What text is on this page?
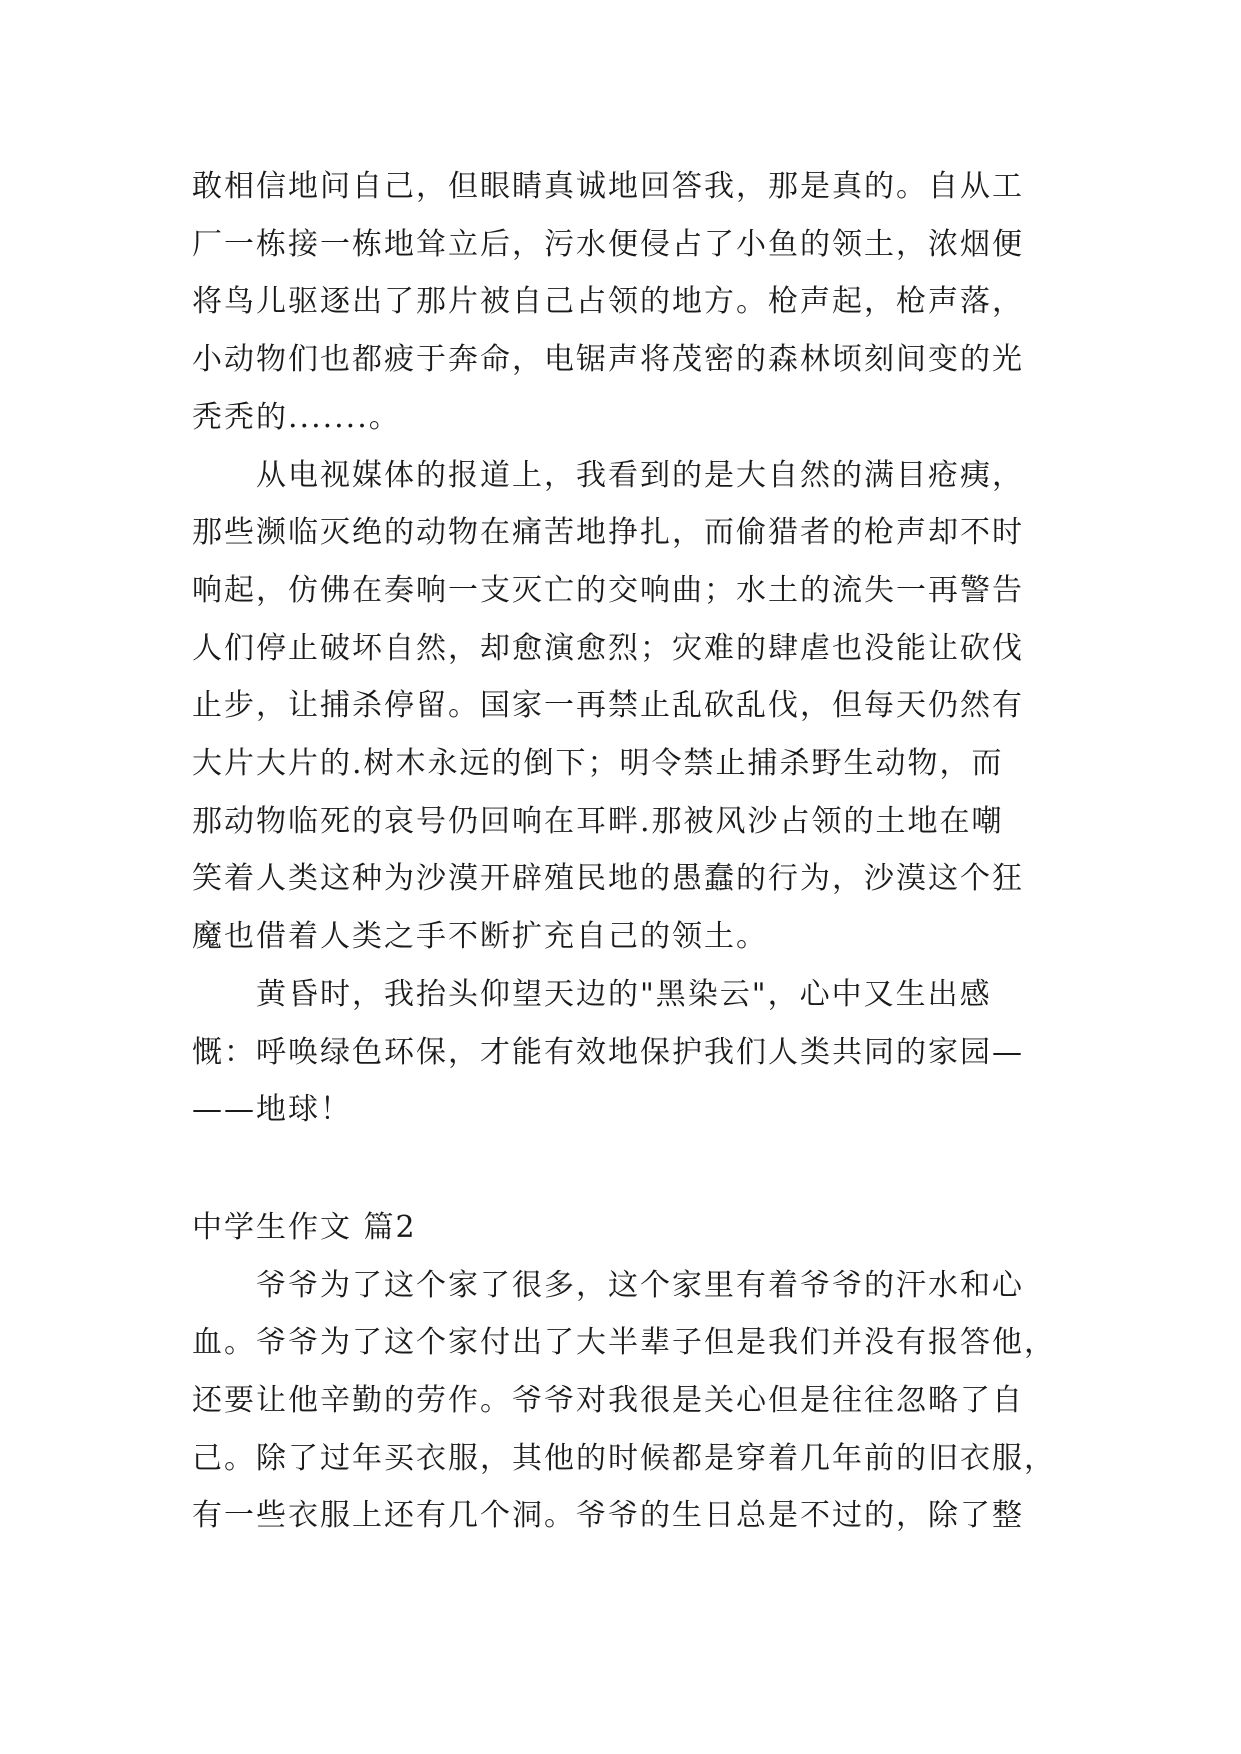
敢相信地问自己，但眼睛真诚地回答我，那是真的。自从工
厂一栋接一栋地耸立后，污水便侵占了小鱼的领土，浓烟便
将鸟儿驱逐出了那片被自己占领的地方。枪声起，枪声落，
小动物们也都疲于奔命，电锯声将茂密的森林顷刻间变的光
秃秃的.......。

　　从电视媒体的报道上，我看到的是大自然的满目疮痍，
那些濒临灭绝的动物在痛苦地挣扎，而偷猎者的枪声却不时
响起，仿佛在奏响一支灭亡的交响曲；水土的流失一再警告
人们停止破坏自然，却愈演愈烈；灾难的肆虐也没能让砍伐
止步，让捕杀停留。国家一再禁止乱砍乱伐，但每天仍然有
大片大片的.树木永远的倒下；明令禁止捕杀野生动物，而
那动物临死的哀号仍回响在耳畔.那被风沙占领的土地在嘲
笑着人类这种为沙漠开辟殖民地的愚蠢的行为，沙漠这个狂
魔也借着人类之手不断扩充自己的领土。

　　黄昏时，我抬头仰望天边的"黑染云"，心中又生出感
慨：呼唤绿色环保，才能有效地保护我们人类共同的家园—
——地球！

中学生作文 篇2

　　爷爷为了这个家了很多，这个家里有着爷爷的汗水和心
血。爷爷为了这个家付出了大半辈子但是我们并没有报答他，
还要让他辛勤的劳作。爷爷对我很是关心但是往往忽略了自
己。除了过年买衣服，其他的时候都是穿着几年前的旧衣服，
有一些衣服上还有几个洞。爷爷的生日总是不过的，除了整
